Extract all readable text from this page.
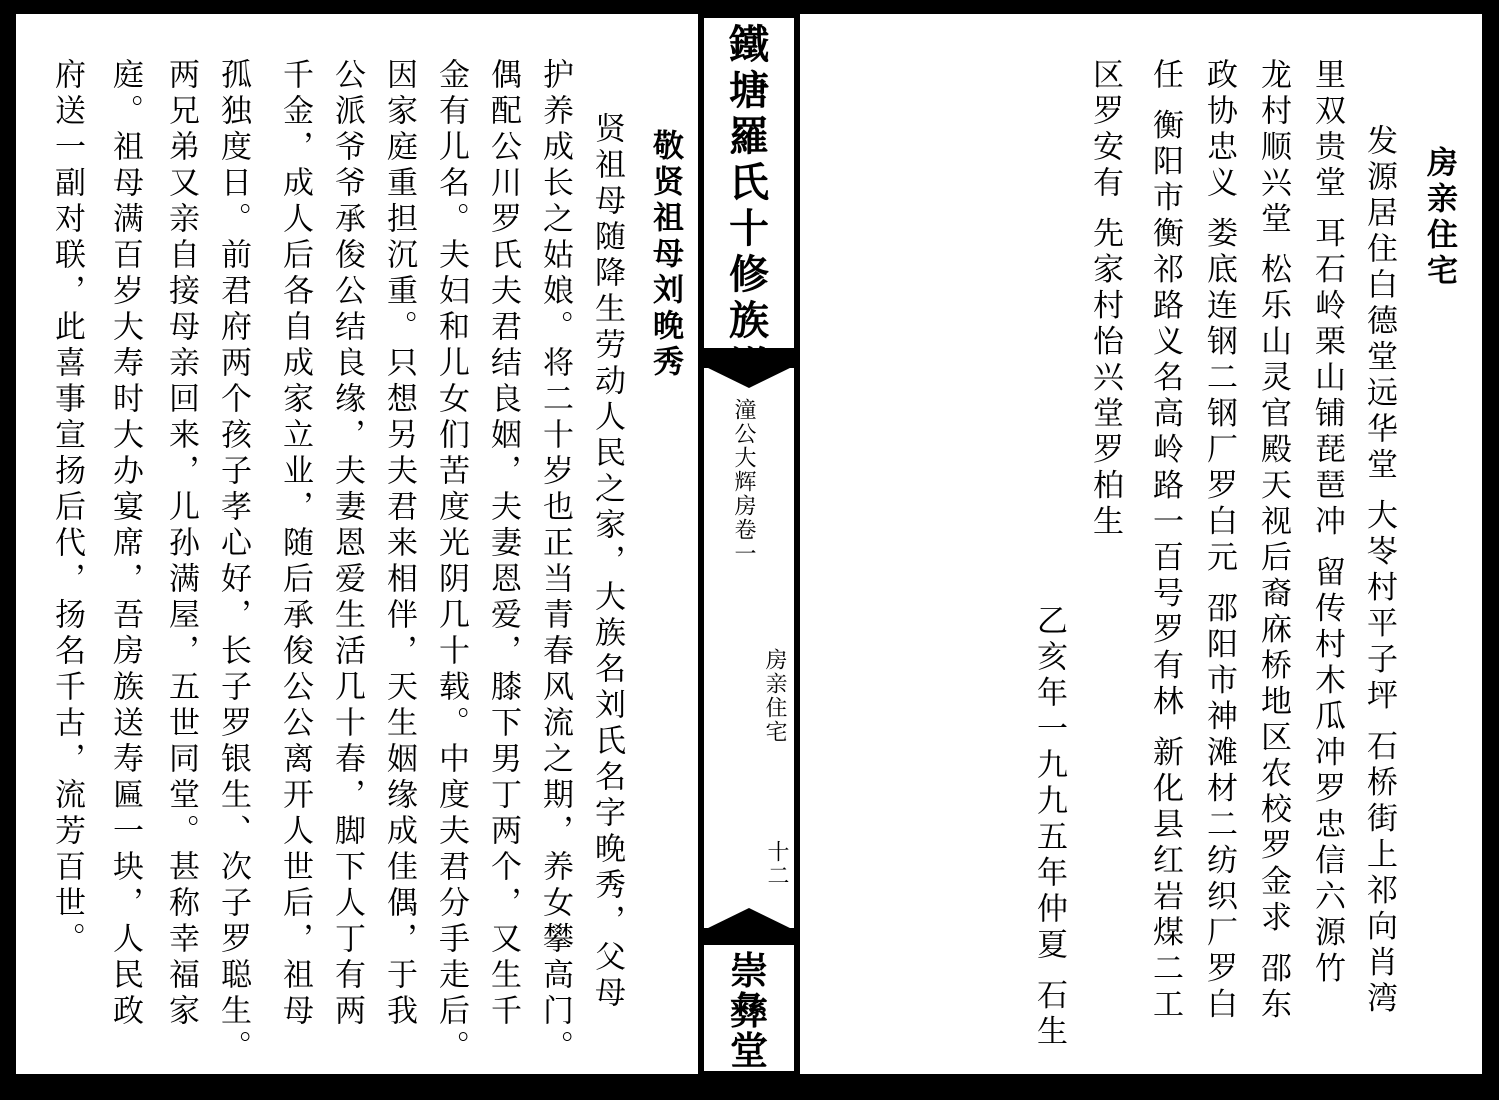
敬贤祖母刘晚秀
贤祖母随降生劳动人民之家，大族名刘氏名字晚秀，父母
护养成长之姑娘。将二十岁也正当青春风流之期，养女攀高门。
偶配公川罗氏夫君结良姻，夫妻恩爱，膝下男丁两个，又生千
金有儿名。夫妇和儿女们苦度光阴几十载。中度夫君分手走后。
因家庭重担沉重。只想另夫君来相伴，天生姻缘成佳偶，于我
公派爷爷承俊公结良缘，夫妻恩爱生活几十春，脚下人丁有两
千金，成人后各自成家立业，随后承俊公公离开人世后，祖母
孤独度日。前君府两个孩子孝心好，长子罗银生、次子罗聪生。
两兄弟又亲自接母亲回来，儿孙满屋，五世同堂。甚称幸福家
庭。祖母满百岁大寿时大办宴席，吾房族送寿匾一块，人民政
府送一副对联，此喜事宣扬后代，扬名千古，流芳百世。
鐵
塘
羅
氏
十
修
族
潼公大辉房卷一
房亲住宅
十二
崇
彝
堂
房亲住宅
发源居住白德堂远华堂 大岺村平子坪 石桥街上祁向肖湾
里双贵堂 耳石岭栗山铺琵琶冲 留传村木瓜冲罗忠信六源竹
龙村顺兴堂 松乐山灵官殿天视后裔庥桥地区农校罗金求 邵东
政协忠义 娄底连钢二钢厂罗白元 邵阳市神滩材二纺织厂罗白
任 衡阳市衡祁路义名高岭路一百号罗有林 新化县红岩煤二工
区罗安有 先家村怡兴堂罗柏生
乙亥年一九九五年仲夏 石生
